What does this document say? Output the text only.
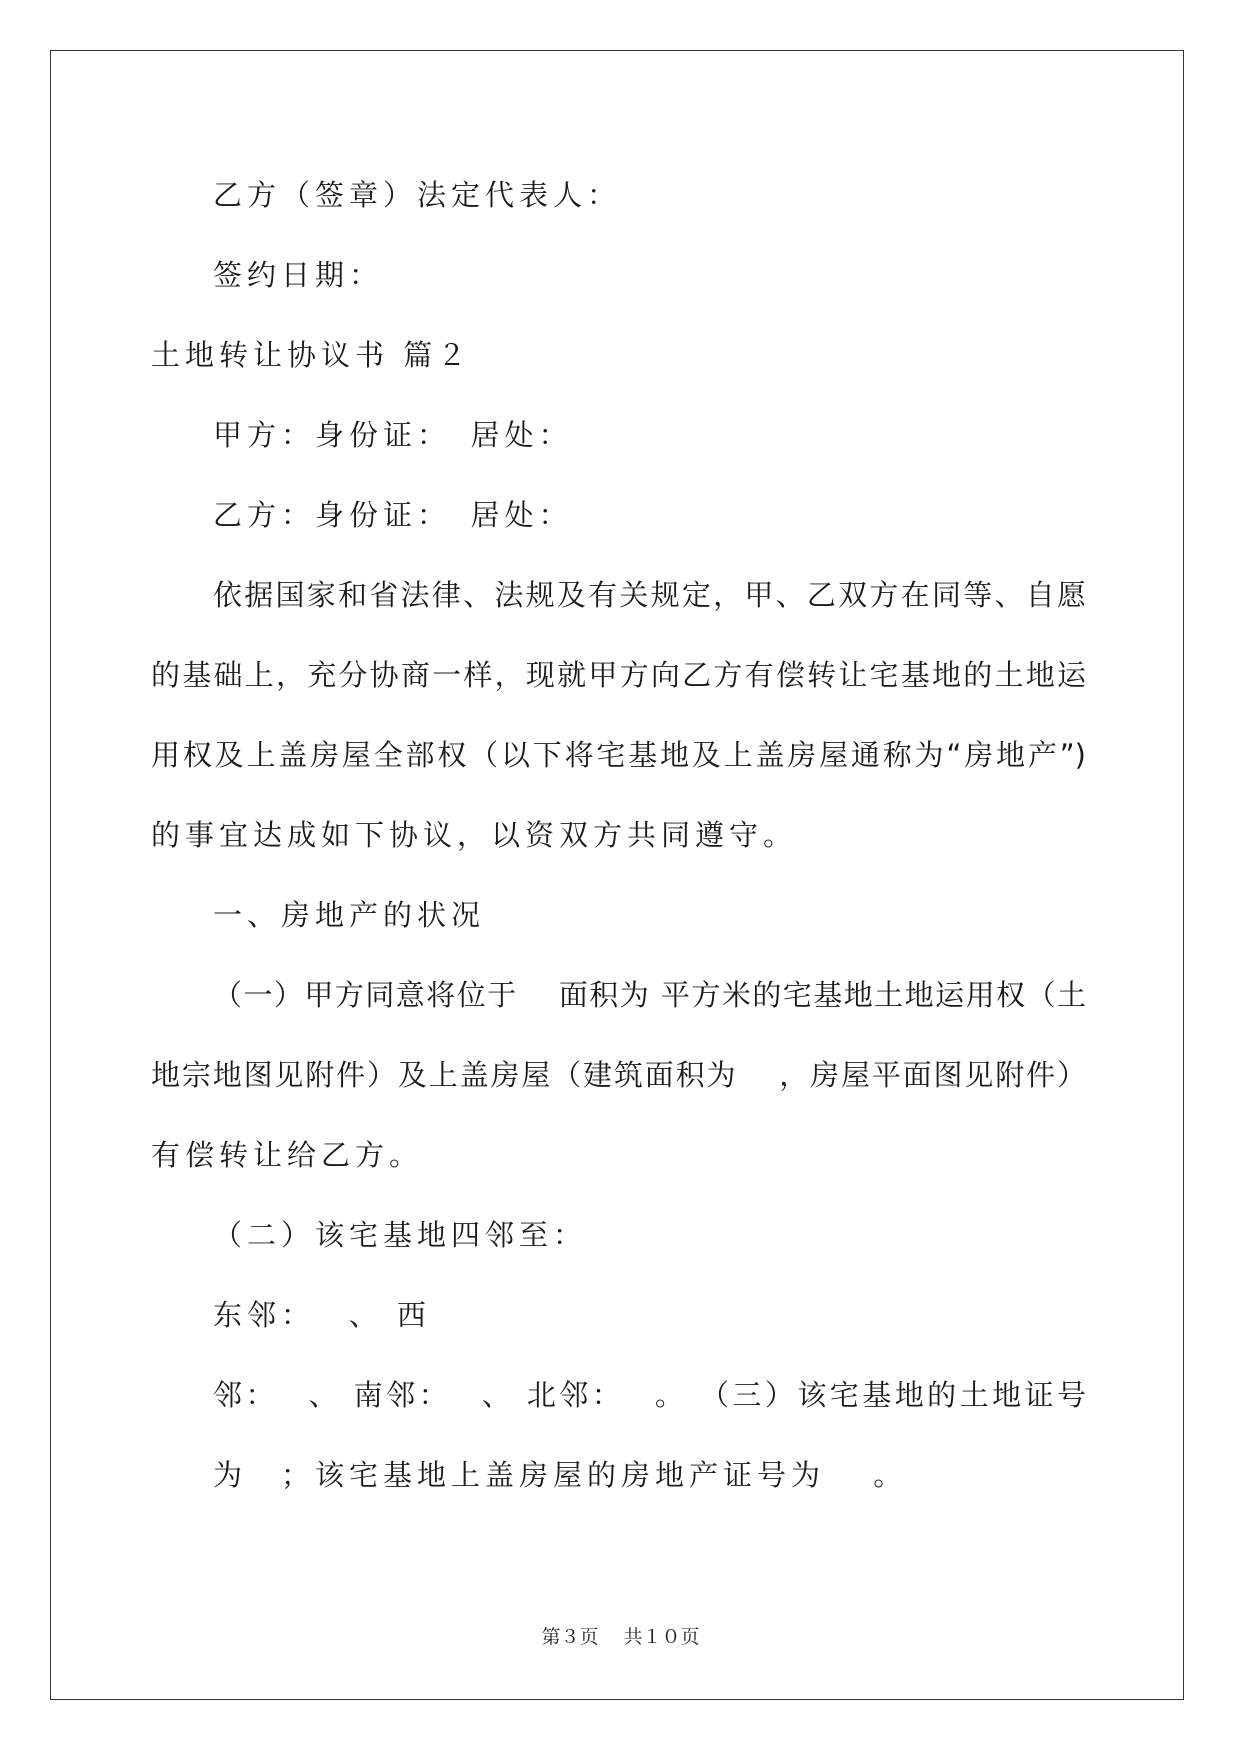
乙方（签章）法定代表人：
签约日期：
土地转让协议书 篇２
甲方：身份证：　居处：
乙方：身份证：　居处：
依据国家和省法律、法规及有关规定，甲、乙双方在同等、自愿
的基础上，充分协商一样，现就甲方向乙方有偿转让宅基地的土地运
用权及上盖房屋全部权（以下将宅基地及上盖房屋通称为“房地产”)
的事宜达成如下协议，以资双方共同遵守。
一、房地产的状况
（一）甲方同意将位于　 面积为 平方米的宅基地土地运用权（土
地宗地图见附件）及上盖房屋（建筑面积为　 ，房屋平面图见附件）
有偿转让给乙方。
（二）该宅基地四邻至：
东邻：　 、 西
邻：　 、 南邻：　 、 北邻：　 。 （三）该宅基地的土地证号
为　；该宅基地上盖房屋的房地产证号为　 。
第３页　 共１０页
